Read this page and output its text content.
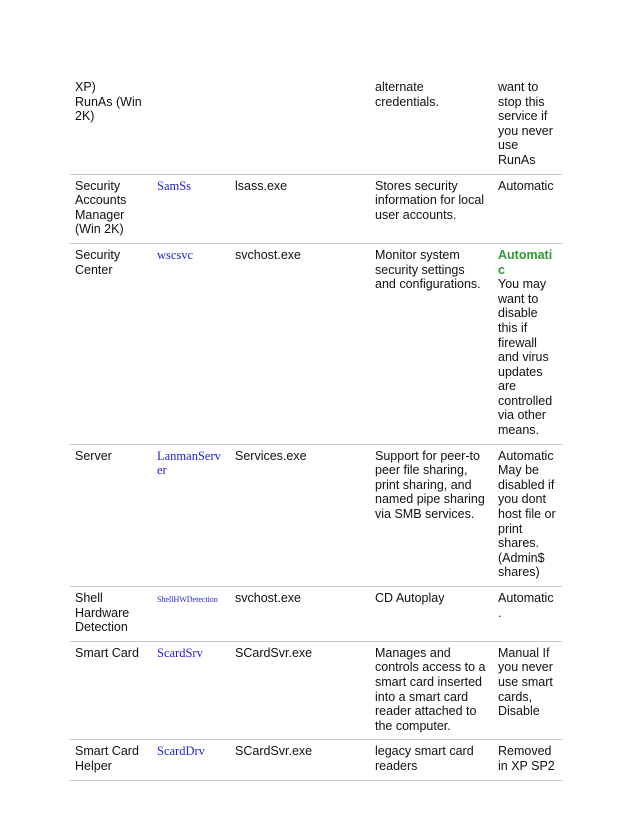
XP)
RunAs (Win
2K)			alternate credentials.	want to stop this service if you never use RunAs

Security
Accounts
Manager
(Win 2K)	SamSs	lsass.exe	Stores security information for local user accounts.	Automatic

Security
Center	wscsvc	svchost.exe	Monitor system security settings and configurations.	Automatic
You may want to disable this if firewall and virus updates are controlled via other means.

Server	LanmanServer	Services.exe	Support for peer-to peer file sharing, print sharing, and named pipe sharing via SMB services.	Automatic May be disabled if you dont host file or print shares. (Admin$ shares)

Shell
Hardware
Detection	ShellHWDetection	svchost.exe	CD Autoplay	Automatic.

Smart Card	ScardSrv	SCardSvr.exe	Manages and controls access to a smart card inserted into a smart card reader attached to the computer.	Manual If you never use smart cards, Disable

Smart Card
Helper	ScardDrv	SCardSvr.exe	legacy smart card readers	Removed in XP SP2
